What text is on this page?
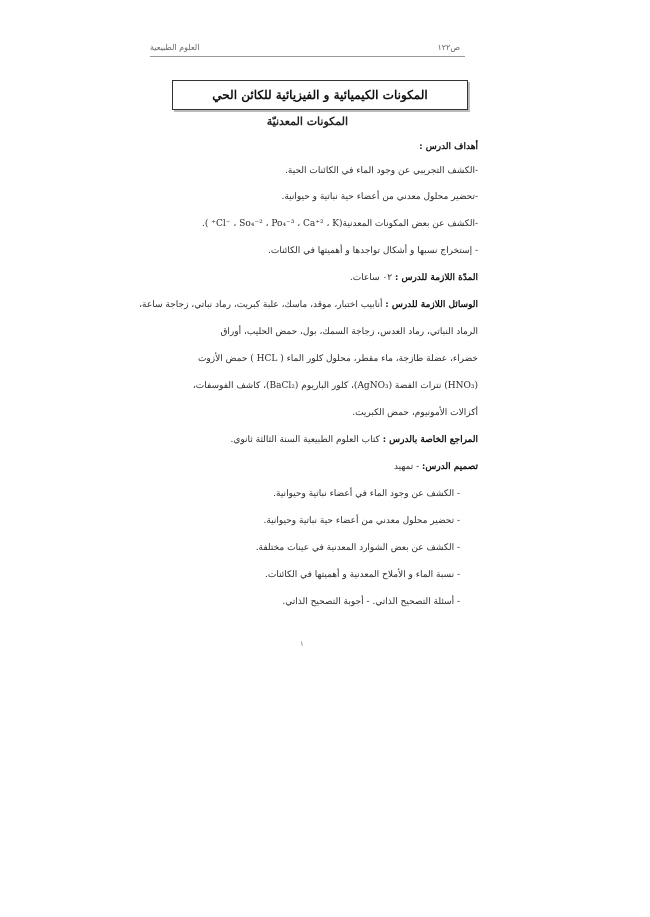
ص١٢٢
العلوم الطبيعية
المكونات الكيميائية و الفيزيائية للكائن الحي
المكونات المعدنيّة
أهداف الدرس :
-الكشف التجريبي عن وجود الماء في الكائنات الحية.
-تحضير محلول معدني من أعضاء حية نباتية و حيوانية.
-الكشف عن بعض المكونات المعدنية(Cl⁻ ، So₄⁻² ، Po₄⁻³ ، Ca⁺² ، K⁺ ).
- إستخراج نسبها و أشكال تواجدها و أهميتها في الكائنات.
المدّة اللازمة للدرس : ٠٢ ساعات.
الوسائل اللازمة للدرس : أنابيب اختبار، موقد، ماسك، علبة كبريت، رماد نباتي، زجاجة ساعة،
الرماد النباتي، رماد العدس، زجاجة السمك، بول، حمض الحليب، أوراق
خضراء، عضلة طازجة، ماء مقطر، محلول كلور الماء ( HCL ) حمض الأزوت
(HNO₃) نترات الفضة (AgNO₃)، كلور الباريوم (BaCl₂)، كاشف الفوسفات،
أكزالات الأمونيوم، حمض الكبريت.
المراجع الخاصة بالدرس : كتاب العلوم الطبيعية السنة الثالثة ثانوي.
تصميم الدرس: - تمهيد
- الكشف عن وجود الماء في أعضاء نباتية وحيوانية.
- تحضير محلول معدني من أعضاء حية نباتية وحيوانية.
- الكشف عن بعض الشوارد المعدنية في عينات مختلفة.
- نسبة الماء و الأملاح المعدنية و أهميتها في الكائنات.
- أسئلة التصحيح الذاتي. - أجوبة التصحيح الذاتي.
١
